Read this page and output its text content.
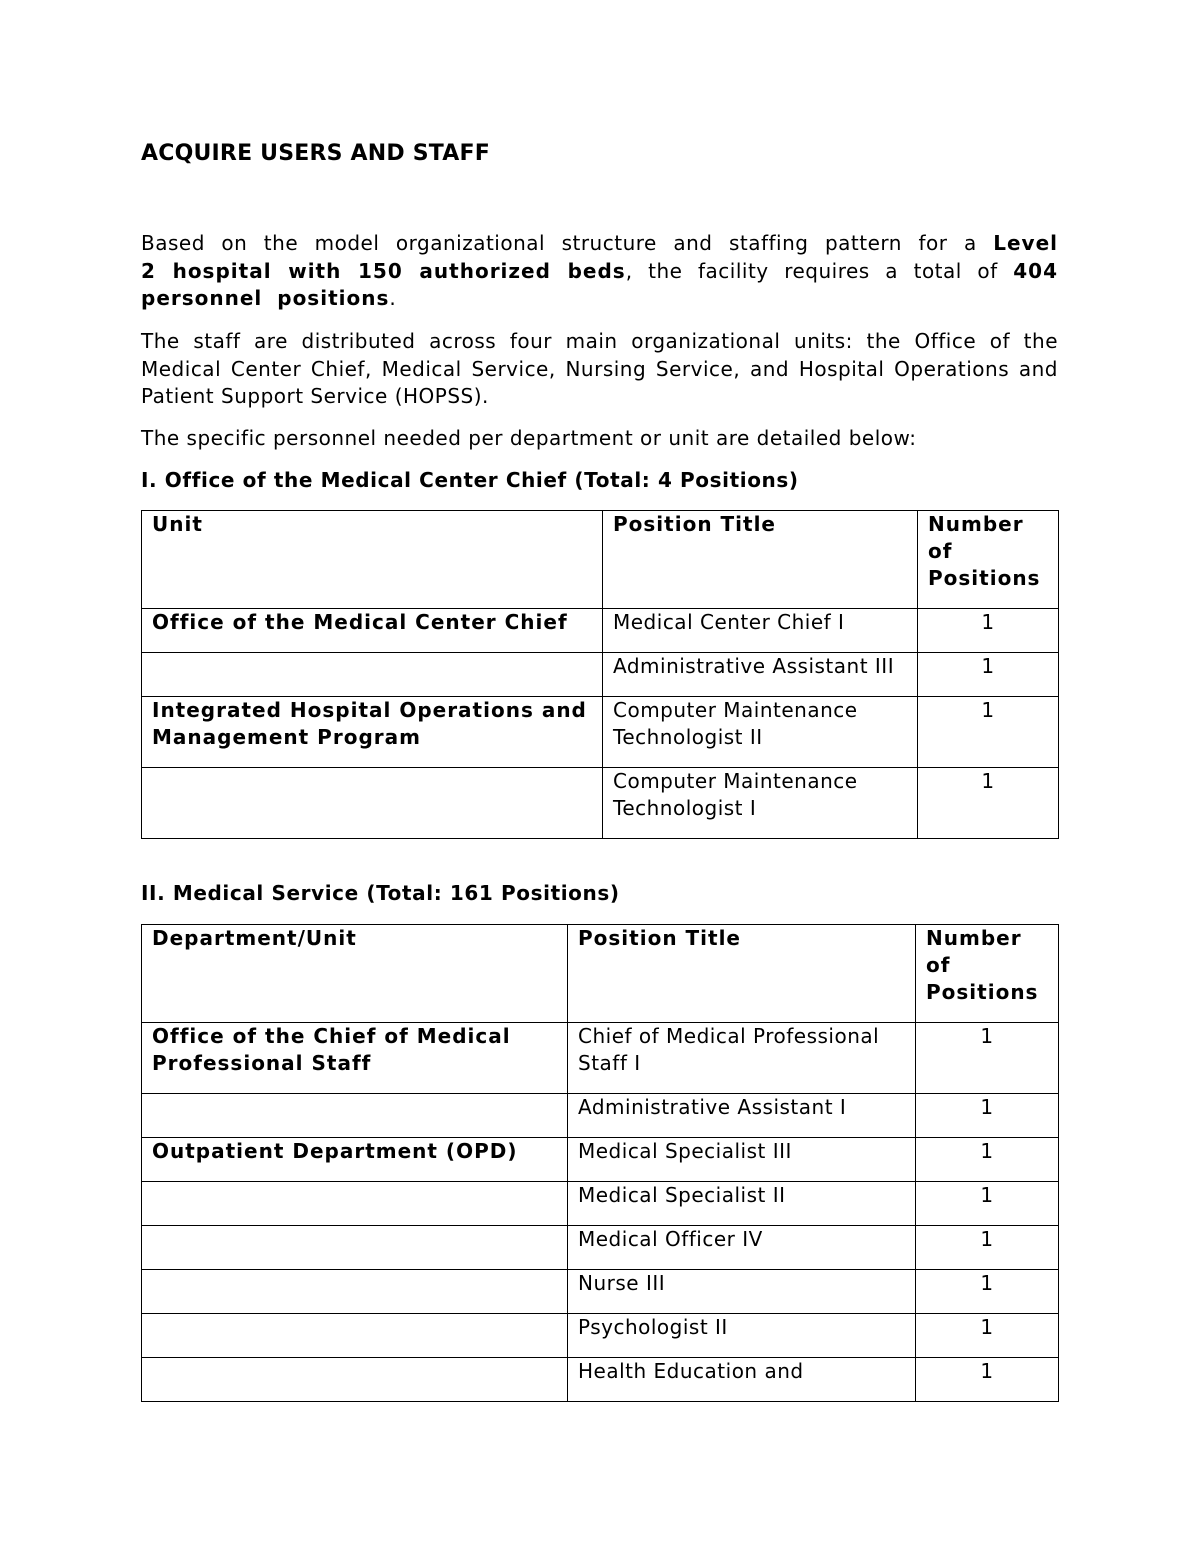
ACQUIRE USERS AND STAFF

Based on the model organizational structure and staffing pattern for a Level 2 hospital with 150 authorized beds, the facility requires a total of 404 personnel positions.

The staff are distributed across four main organizational units: the Office of the Medical Center Chief, Medical Service, Nursing Service, and Hospital Operations and Patient Support Service (HOPSS).

The specific personnel needed per department or unit are detailed below:

I. Office of the Medical Center Chief (Total: 4 Positions)
Unit	Position Title	Number of Positions
Office of the Medical Center Chief	Medical Center Chief I	1
	Administrative Assistant III	1
Integrated Hospital Operations and Management Program	Computer Maintenance Technologist II	1
	Computer Maintenance Technologist I	1
II. Medical Service (Total: 161 Positions)
Department/Unit	Position Title	Number of Positions
Office of the Chief of Medical Professional Staff	Chief of Medical Professional Staff I	1
	Administrative Assistant I	1
Outpatient Department (OPD)	Medical Specialist III	1
	Medical Specialist II	1
	Medical Officer IV	1
	Nurse III	1
	Psychologist II	1
	Health Education and	1
